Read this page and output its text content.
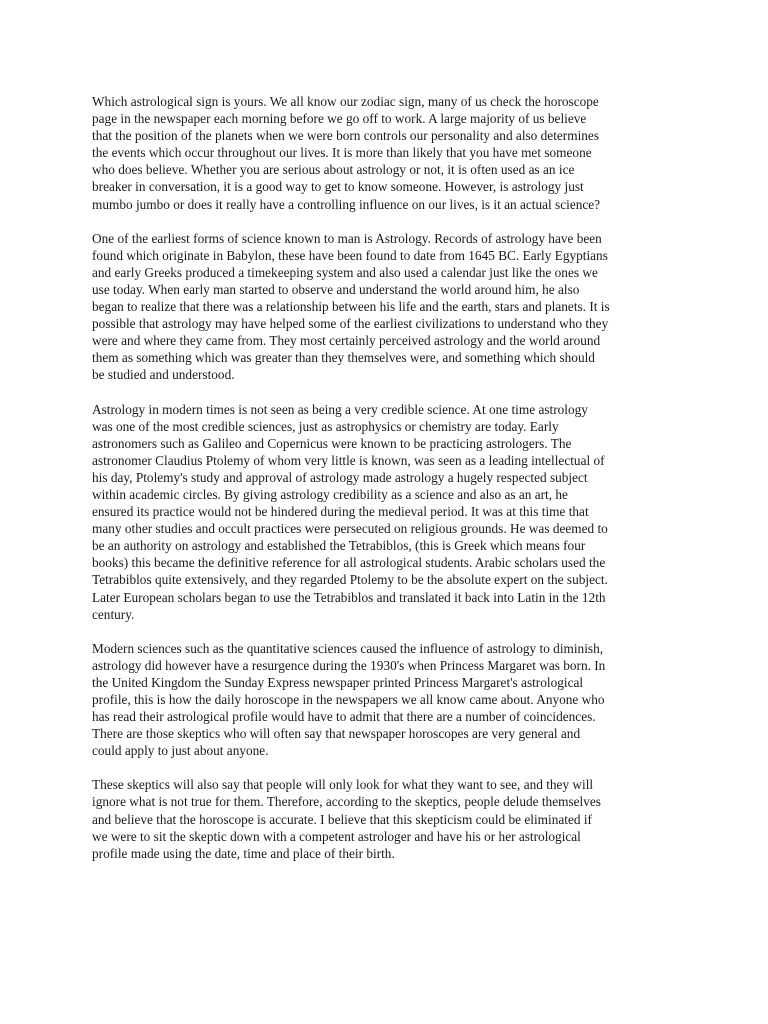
Which astrological sign is yours. We all know our zodiac sign, many of us check the horoscope
page in the newspaper each morning before we go off to work. A large majority of us believe
that the position of the planets when we were born controls our personality and also determines
the events which occur throughout our lives. It is more than likely that you have met someone
who does believe. Whether you are serious about astrology or not, it is often used as an ice
breaker in conversation, it is a good way to get to know someone. However, is astrology just
mumbo jumbo or does it really have a controlling influence on our lives, is it an actual science?

One of the earliest forms of science known to man is Astrology. Records of astrology have been
found which originate in Babylon, these have been found to date from 1645 BC. Early Egyptians
and early Greeks produced a timekeeping system and also used a calendar just like the ones we
use today. When early man started to observe and understand the world around him, he also
began to realize that there was a relationship between his life and the earth, stars and planets. It is
possible that astrology may have helped some of the earliest civilizations to understand who they
were and where they came from. They most certainly perceived astrology and the world around
them as something which was greater than they themselves were, and something which should
be studied and understood.

Astrology in modern times is not seen as being a very credible science. At one time astrology
was one of the most credible sciences, just as astrophysics or chemistry are today. Early
astronomers such as Galileo and Copernicus were known to be practicing astrologers. The
astronomer Claudius Ptolemy of whom very little is known, was seen as a leading intellectual of
his day, Ptolemy's study and approval of astrology made astrology a hugely respected subject
within academic circles. By giving astrology credibility as a science and also as an art, he
ensured its practice would not be hindered during the medieval period. It was at this time that
many other studies and occult practices were persecuted on religious grounds. He was deemed to
be an authority on astrology and established the Tetrabiblos, (this is Greek which means four
books) this became the definitive reference for all astrological students. Arabic scholars used the
Tetrabiblos quite extensively, and they regarded Ptolemy to be the absolute expert on the subject.
Later European scholars began to use the Tetrabiblos and translated it back into Latin in the 12th
century.

Modern sciences such as the quantitative sciences caused the influence of astrology to diminish,
astrology did however have a resurgence during the 1930's when Princess Margaret was born. In
the United Kingdom the Sunday Express newspaper printed Princess Margaret's astrological
profile, this is how the daily horoscope in the newspapers we all know came about. Anyone who
has read their astrological profile would have to admit that there are a number of coincidences.
There are those skeptics who will often say that newspaper horoscopes are very general and
could apply to just about anyone.

These skeptics will also say that people will only look for what they want to see, and they will
ignore what is not true for them. Therefore, according to the skeptics, people delude themselves
and believe that the horoscope is accurate. I believe that this skepticism could be eliminated if
we were to sit the skeptic down with a competent astrologer and have his or her astrological
profile made using the date, time and place of their birth.
